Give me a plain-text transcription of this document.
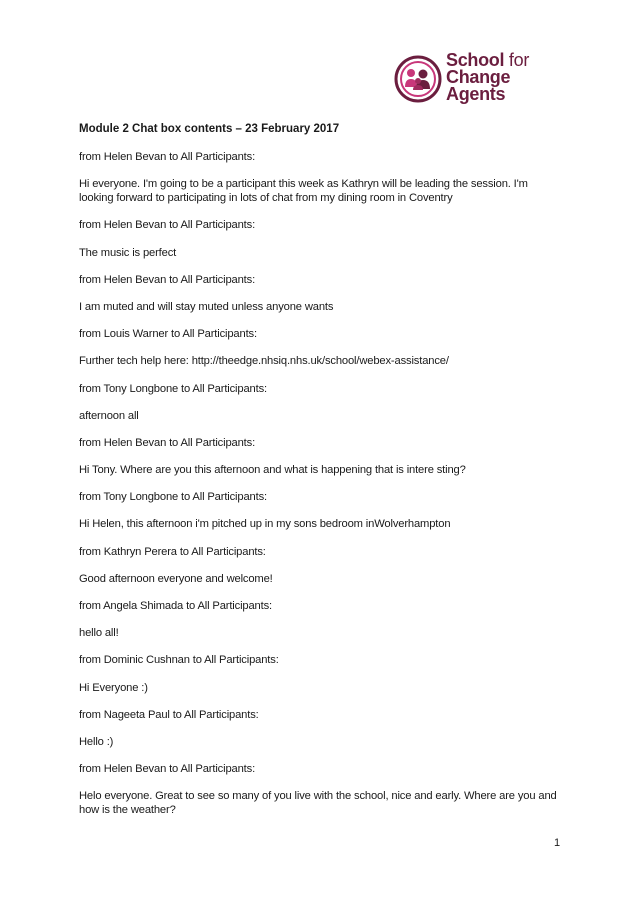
School for
Change
Agents
Module 2 Chat box contents – 23 February 2017

from Helen Bevan to All Participants:

Hi everyone. I'm going to be a participant this week as Kathryn will be leading the session. I'm looking forward to participating in lots of chat from my dining room in Coventry

from Helen Bevan to All Participants:

The music is perfect

from Helen Bevan to All Participants:

I am muted and will stay muted unless anyone wants

from Louis Warner to All Participants:

Further tech help here: http://theedge.nhsiq.nhs.uk/school/webex-assistance/

from Tony Longbone to All Participants:

afternoon all

from Helen Bevan to All Participants:

Hi Tony. Where are you this afternoon and what is happening that is intere sting?

from Tony Longbone to All Participants:

Hi Helen, this afternoon i'm pitched up in my sons bedroom inWolverhampton

from Kathryn Perera to All Participants:

Good afternoon everyone and welcome!

from Angela Shimada to All Participants:

hello all!

from Dominic Cushnan to All Participants:

Hi Everyone :)

from Nageeta Paul to All Participants:

Hello :)

from Helen Bevan to All Participants:

Helo everyone. Great to see so many of you live with the school, nice and early. Where are you and how is the weather?

1
